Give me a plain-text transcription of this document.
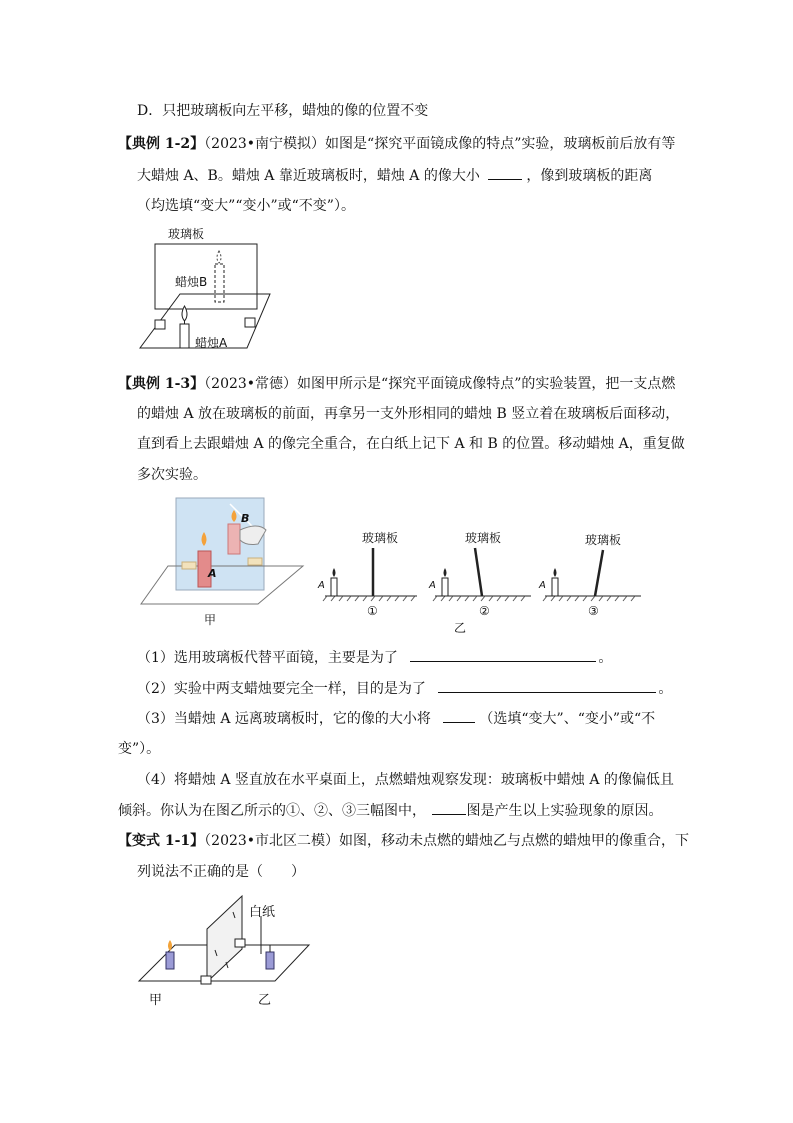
D．只把玻璃板向左平移，蜡烛的像的位置不变
【典例 1-2】（2023•南宁模拟）如图是“探究平面镜成像的特点”实验，玻璃板前后放有等
大蜡烛 A、B。蜡烛 A 靠近玻璃板时，蜡烛 A 的像大小	，像到玻璃板的距离
（均选填“变大”“变小”或“不变”）。
玻璃板
蜡烛B
蜡烛A
【典例 1-3】（2023•常德）如图甲所示是“探究平面镜成像特点”的实验装置，把一支点燃
的蜡烛 A 放在玻璃板的前面，再拿另一支外形相同的蜡烛 B 竖立着在玻璃板后面移动，
直到看上去跟蜡烛 A 的像完全重合，在白纸上记下 A 和 B 的位置。移动蜡烛 A，重复做
多次实验。
B
A
甲
玻璃板
A
①
玻璃板
A
②
玻璃板
A
③
乙
（1）选用玻璃板代替平面镜，主要是为了	。
（2）实验中两支蜡烛要完全一样，目的是为了	。
（3）当蜡烛 A 远离玻璃板时，它的像的大小将	（选填“变大”、“变小”或“不
变”）。
（4）将蜡烛 A 竖直放在水平桌面上，点燃蜡烛观察发现：玻璃板中蜡烛 A 的像偏低且
倾斜。你认为在图乙所示的①、②、③三幅图中，	图是产生以上实验现象的原因。
【变式 1-1】（2023•市北区二模）如图，移动未点燃的蜡烛乙与点燃的蜡烛甲的像重合，下
列说法不正确的是（　　）
白纸
甲	乙
